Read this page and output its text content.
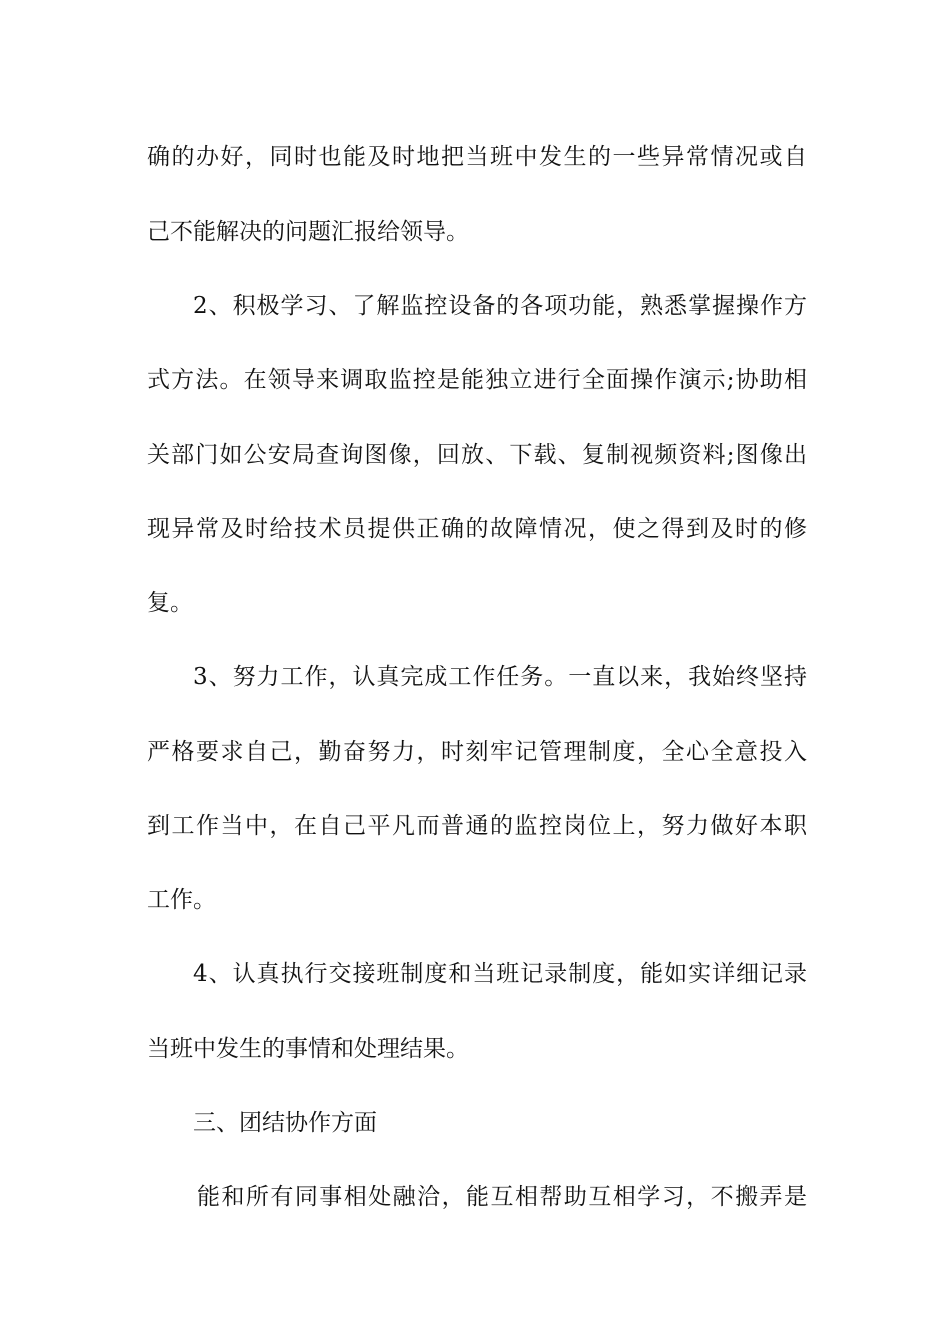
确的办好，同时也能及时地把当班中发生的一些异常情况或自
己不能解决的问题汇报给领导。
2、积极学习、了解监控设备的各项功能，熟悉掌握操作方
式方法。在领导来调取监控是能独立进行全面操作演示;协助相
关部门如公安局查询图像，回放、下载、复制视频资料;图像出
现异常及时给技术员提供正确的故障情况，使之得到及时的修
复。
3、努力工作，认真完成工作任务。一直以来，我始终坚持
严格要求自己，勤奋努力，时刻牢记管理制度，全心全意投入
到工作当中，在自己平凡而普通的监控岗位上，努力做好本职
工作。
4、认真执行交接班制度和当班记录制度，能如实详细记录
当班中发生的事情和处理结果。
三、团结协作方面
能和所有同事相处融洽，能互相帮助互相学习，不搬弄是
